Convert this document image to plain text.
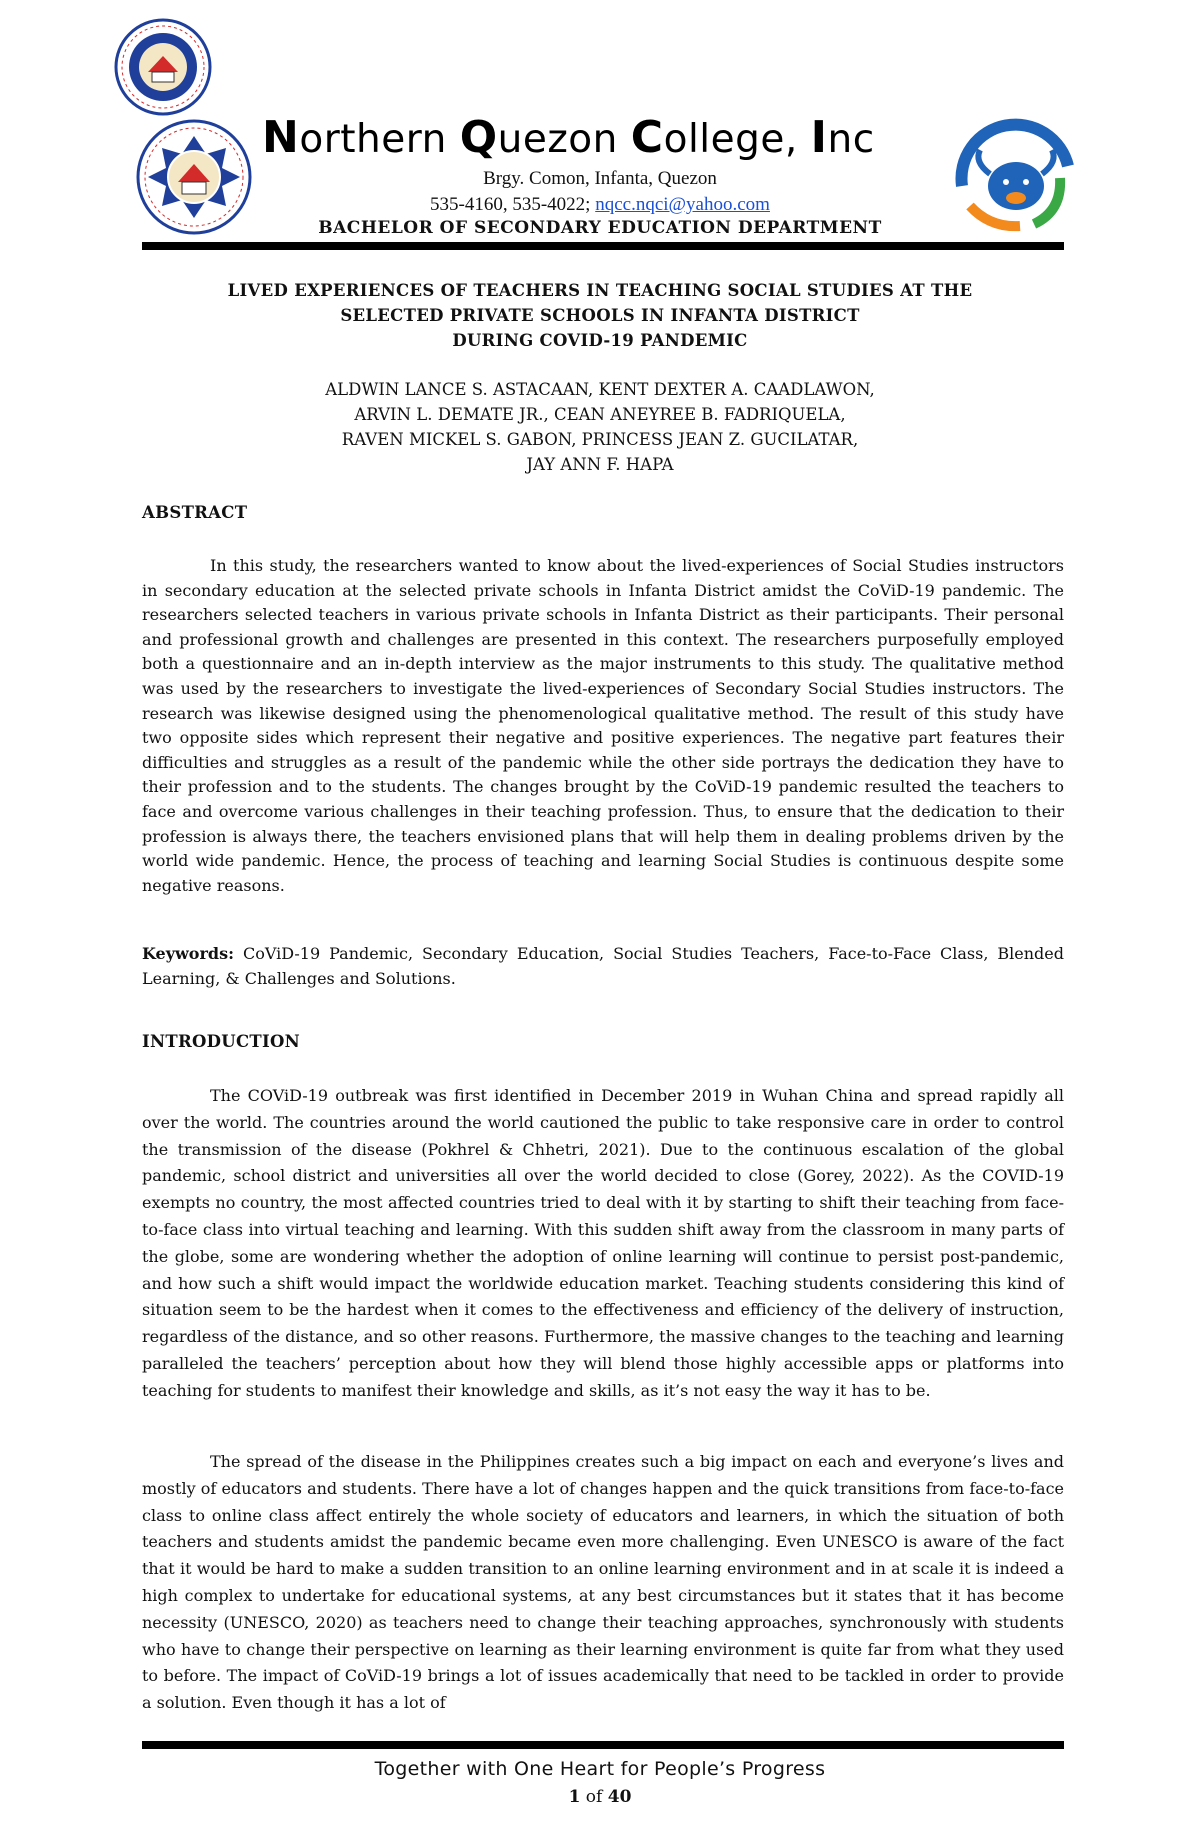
Northern Quezon College, Inc
Brgy. Comon, Infanta, Quezon
535-4160, 535-4022; nqcc.nqci@yahoo.com
BACHELOR OF SECONDARY EDUCATION DEPARTMENT
LIVED EXPERIENCES OF TEACHERS IN TEACHING SOCIAL STUDIES AT THE
SELECTED PRIVATE SCHOOLS IN INFANTA DISTRICT
DURING COVID-19 PANDEMIC
ALDWIN LANCE S. ASTACAAN, KENT DEXTER A. CAADLAWON,
ARVIN L. DEMATE JR., CEAN ANEYREE B. FADRIQUELA,
RAVEN MICKEL S. GABON, PRINCESS JEAN Z. GUCILATAR,
JAY ANN F. HAPA
ABSTRACT
In this study, the researchers wanted to know about the lived-experiences of Social Studies instructors in secondary education at the selected private schools in Infanta District amidst the CoViD-19 pandemic. The researchers selected teachers in various private schools in Infanta District as their participants. Their personal and professional growth and challenges are presented in this context. The researchers purposefully employed both a questionnaire and an in-depth interview as the major instruments to this study. The qualitative method was used by the researchers to investigate the lived-experiences of Secondary Social Studies instructors. The research was likewise designed using the phenomenological qualitative method. The result of this study have two opposite sides which represent their negative and positive experiences. The negative part features their difficulties and struggles as a result of the pandemic while the other side portrays the dedication they have to their profession and to the students. The changes brought by the CoViD-19 pandemic resulted the teachers to face and overcome various challenges in their teaching profession. Thus, to ensure that the dedication to their profession is always there, the teachers envisioned plans that will help them in dealing problems driven by the world wide pandemic. Hence, the process of teaching and learning Social Studies is continuous despite some negative reasons.
Keywords: CoViD-19 Pandemic, Secondary Education, Social Studies Teachers, Face-to-Face Class, Blended Learning, & Challenges and Solutions.
INTRODUCTION
The COViD-19 outbreak was first identified in December 2019 in Wuhan China and spread rapidly all over the world. The countries around the world cautioned the public to take responsive care in order to control the transmission of the disease (Pokhrel & Chhetri, 2021). Due to the continuous escalation of the global pandemic, school district and universities all over the world decided to close (Gorey, 2022). As the COVID-19 exempts no country, the most affected countries tried to deal with it by starting to shift their teaching from face-to-face class into virtual teaching and learning. With this sudden shift away from the classroom in many parts of the globe, some are wondering whether the adoption of online learning will continue to persist post-pandemic, and how such a shift would impact the worldwide education market. Teaching students considering this kind of situation seem to be the hardest when it comes to the effectiveness and efficiency of the delivery of instruction, regardless of the distance, and so other reasons. Furthermore, the massive changes to the teaching and learning paralleled the teachers’ perception about how they will blend those highly accessible apps or platforms into teaching for students to manifest their knowledge and skills, as it’s not easy the way it has to be.
The spread of the disease in the Philippines creates such a big impact on each and everyone’s lives and mostly of educators and students. There have a lot of changes happen and the quick transitions from face-to-face class to online class affect entirely the whole society of educators and learners, in which the situation of both teachers and students amidst the pandemic became even more challenging. Even UNESCO is aware of the fact that it would be hard to make a sudden transition to an online learning environment and in at scale it is indeed a high complex to undertake for educational systems, at any best circumstances but it states that it has become necessity (UNESCO, 2020) as teachers need to change their teaching approaches, synchronously with students who have to change their perspective on learning as their learning environment is quite far from what they used to before. The impact of CoViD-19 brings a lot of issues academically that need to be tackled in order to provide a solution. Even though it has a lot of
Together with One Heart for People’s Progress
1 of 40
